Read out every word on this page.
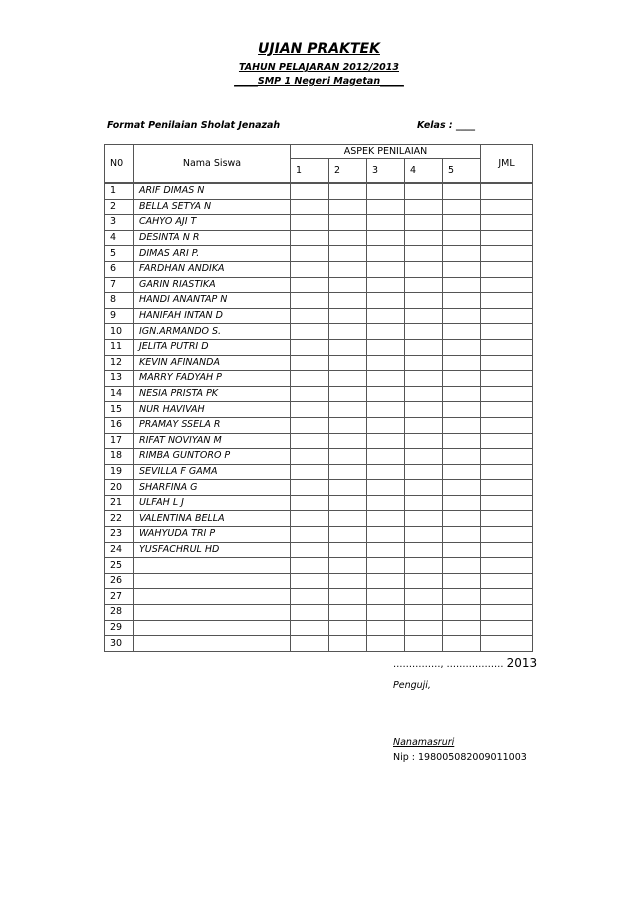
UJIAN PRAKTEK
TAHUN PELAJARAN 2012/2013
_____SMP 1 Negeri Magetan_____
Format Penilaian Sholat Jenazah	Kelas : ____
N0	Nama Siswa	ASPEK PENILAIAN					JML
		1	2	3	4	5	
1	ARIF DIMAS N						
2	BELLA SETYA N						
3	CAHYO AJI T						
4	DESINTA N R						
5	DIMAS ARI P.						
6	FARDHAN ANDIKA						
7	GARIN RIASTIKA						
8	HANDI ANANTAP N						
9	HANIFAH INTAN D						
10	IGN.ARMANDO S.						
11	JELITA PUTRI D						
12	KEVIN AFINANDA						
13	MARRY FADYAH P						
14	NESIA PRISTA PK						
15	NUR HAVIVAH						
16	PRAMAY SSELA R						
17	RIFAT NOVIYAN M						
18	RIMBA GUNTORO P						
19	SEVILLA F GAMA						
20	SHARFINA G						
21	ULFAH L J						
22	VALENTINA BELLA						
23	WAHYUDA TRI P						
24	YUSFACHRUL HD						
25							
26							
27							
28							
29							
30							
……………, ……………… 2013
Penguji,
Nanamasruri
Nip : 198005082009011003
